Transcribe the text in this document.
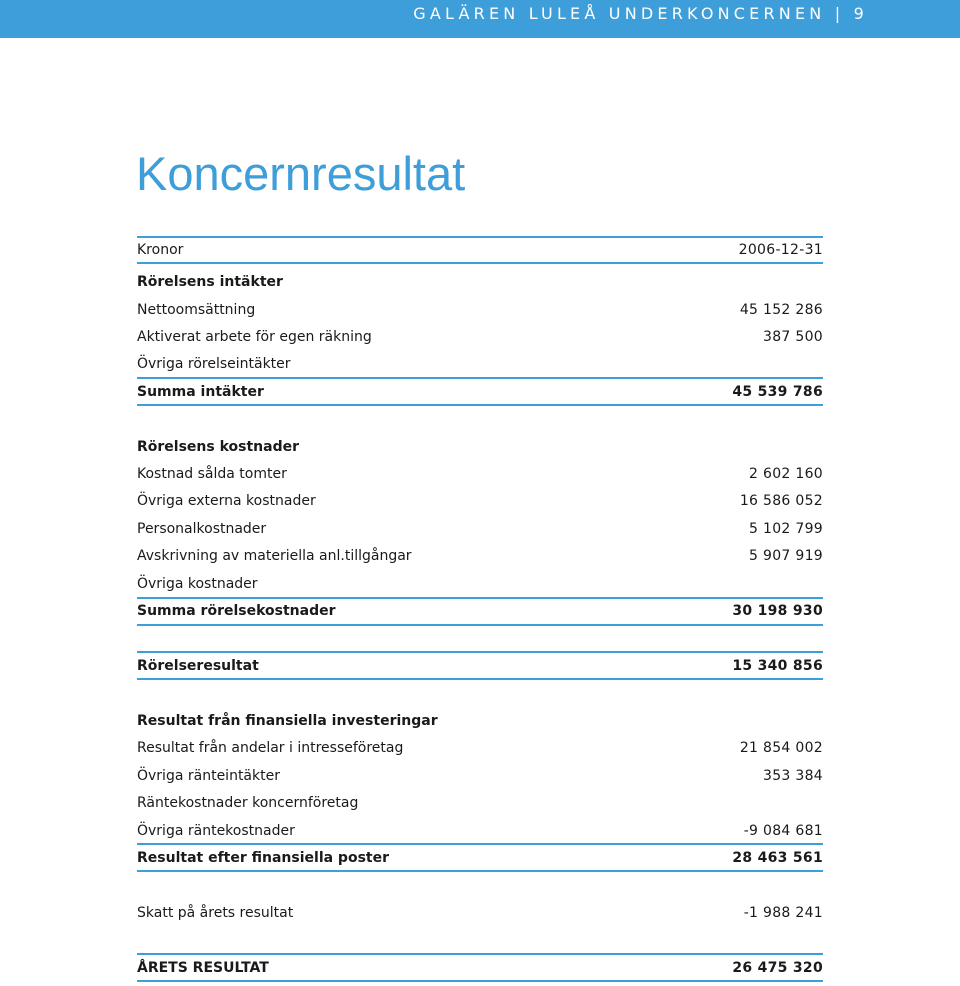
GALÄREN LULEÅ UNDERKONCERNEN | 9
Koncernresultat
Kronor	2006-12-31
Rörelsens intäkter
Nettoomsättning	45 152 286
Aktiverat arbete för egen räkning	387 500
Övriga rörelseintäkter
Summa intäkter	45 539 786
Rörelsens kostnader
Kostnad sålda tomter	2 602 160
Övriga externa kostnader	16 586 052
Personalkostnader	5 102 799
Avskrivning av materiella anl.tillgångar	5 907 919
Övriga kostnader
Summa rörelsekostnader	30 198 930
Rörelseresultat	15 340 856
Resultat från finansiella investeringar
Resultat från andelar i intresseföretag	21 854 002
Övriga ränteintäkter	353 384
Räntekostnader koncernföretag
Övriga räntekostnader	-9 084 681
Resultat efter finansiella poster	28 463 561
Skatt på årets resultat	-1 988 241
ÅRETS RESULTAT	26 475 320
